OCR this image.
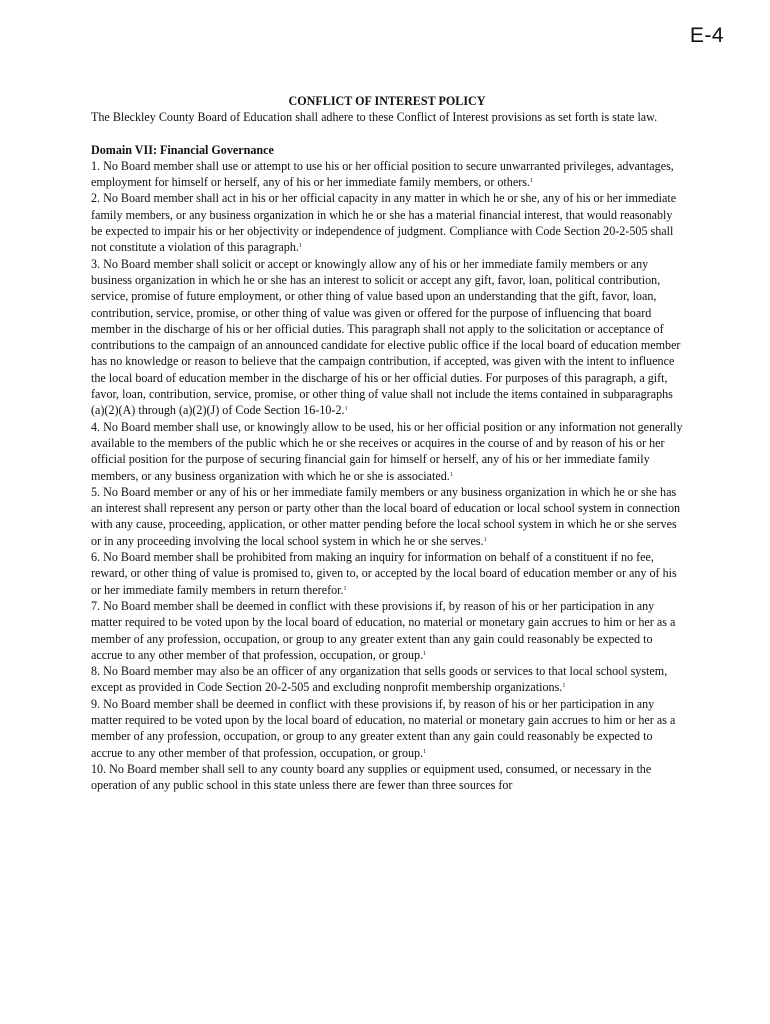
E-4

CONFLICT OF INTEREST POLICY

The Bleckley County Board of Education shall adhere to these Conflict of Interest provisions as set forth is state law.

Domain VII: Financial Governance

1. No Board member shall use or attempt to use his or her official position to secure unwarranted privileges, advantages, employment for himself or herself, any of his or her immediate family members, or others.$^1$

2. No Board member shall act in his or her official capacity in any matter in which he or she, any of his or her immediate family members, or any business organization in which he or she has a material financial interest, that would reasonably be expected to impair his or her objectivity or independence of judgment. Compliance with Code Section 20-2-505 shall not constitute a violation of this paragraph.$^1$

3. No Board member shall solicit or accept or knowingly allow any of his or her immediate family members or any business organization in which he or she has an interest to solicit or accept any gift, favor, loan, political contribution, service, promise of future employment, or other thing of value based upon an understanding that the gift, favor, loan, contribution, service, promise, or other thing of value was given or offered for the purpose of influencing that board member in the discharge of his or her official duties. This paragraph shall not apply to the solicitation or acceptance of contributions to the campaign of an announced candidate for elective public office if the local board of education member has no knowledge or reason to believe that the campaign contribution, if accepted, was given with the intent to influence the local board of education member in the discharge of his or her official duties. For purposes of this paragraph, a gift, favor, loan, contribution, service, promise, or other thing of value shall not include the items contained in subparagraphs (a)(2)(A) through (a)(2)(J) of Code Section 16-10-2.$^1$

4. No Board member shall use, or knowingly allow to be used, his or her official position or any information not generally available to the members of the public which he or she receives or acquires in the course of and by reason of his or her official position for the purpose of securing financial gain for himself or herself, any of his or her immediate family members, or any business organization with which he or she is associated.$^1$

5. No Board member or any of his or her immediate family members or any business organization in which he or she has an interest shall represent any person or party other than the local board of education or local school system in connection with any cause, proceeding, application, or other matter pending before the local school system in which he or she serves or in any proceeding involving the local school system in which he or she serves.$^1$

6. No Board member shall be prohibited from making an inquiry for information on behalf of a constituent if no fee, reward, or other thing of value is promised to, given to, or accepted by the local board of education member or any of his or her immediate family members in return therefor.$^1$

7. No Board member shall be deemed in conflict with these provisions if, by reason of his or her participation in any matter required to be voted upon by the local board of education, no material or monetary gain accrues to him or her as a member of any profession, occupation, or group to any greater extent than any gain could reasonably be expected to accrue to any other member of that profession, occupation, or group.$^1$

8. No Board member may also be an officer of any organization that sells goods or services to that local school system, except as provided in Code Section 20-2-505 and excluding nonprofit membership organizations.$^1$

9. No Board member shall be deemed in conflict with these provisions if, by reason of his or her participation in any matter required to be voted upon by the local board of education, no material or monetary gain accrues to him or her as a member of any profession, occupation, or group to any greater extent than any gain could reasonably be expected to accrue to any other member of that profession, occupation, or group.$^1$

10. No Board member shall sell to any county board any supplies or equipment used, consumed, or necessary in the operation of any public school in this state unless there are fewer than three sources for
